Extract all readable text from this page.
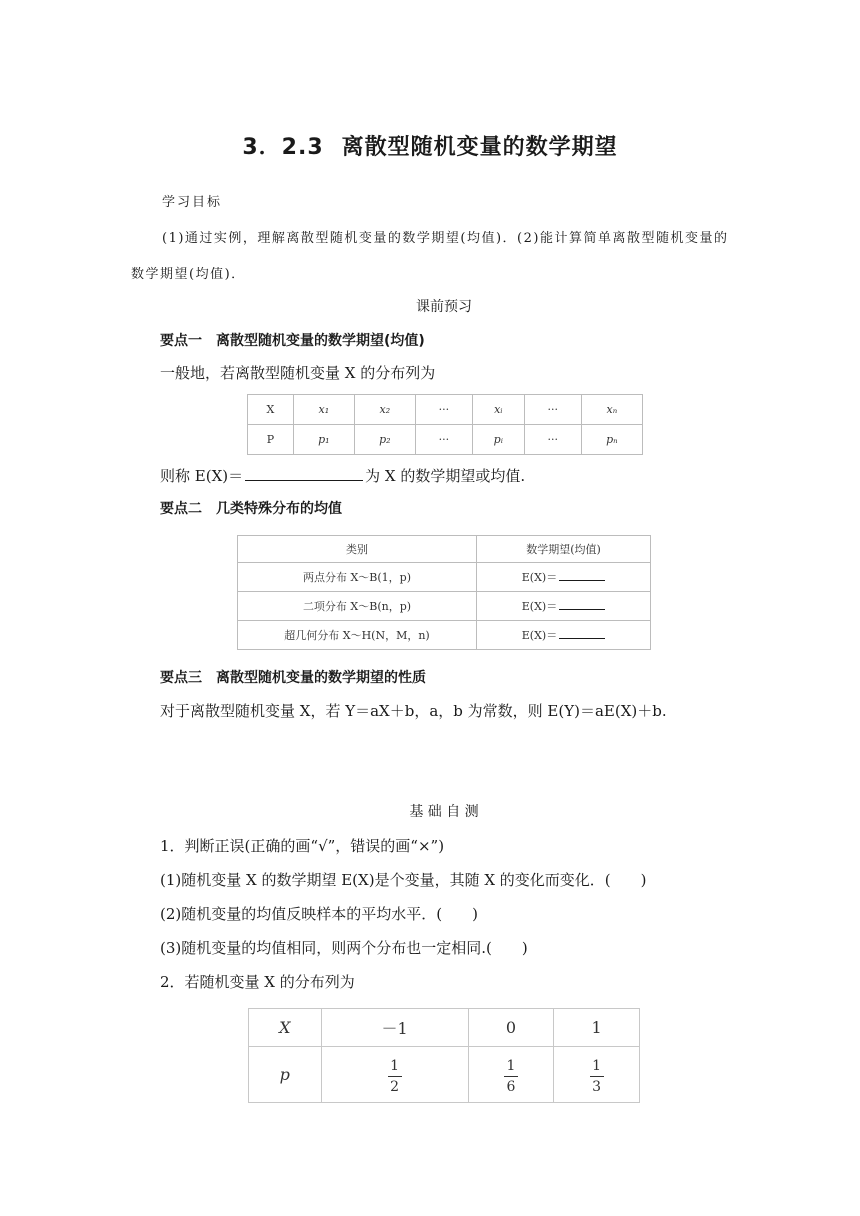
3．2.3 离散型随机变量的数学期望
学习目标
(1)通过实例，理解离散型随机变量的数学期望(均值)．(2)能计算简单离散型随机变量的
数学期望(均值)．
课前预习
要点一　离散型随机变量的数学期望(均值)
一般地，若离散型随机变量 X 的分布列为
X	x₁	x₂	···	xᵢ	···	xₙ
P	p₁	p₂	···	pᵢ	···	pₙ
则称 E(X)＝	为 X 的数学期望或均值.
要点二　几类特殊分布的均值
类别	数学期望(均值)
两点分布 X～B(1，p)	E(X)＝
二项分布 X～B(n，p)	E(X)＝
超几何分布 X～H(N，M，n)	E(X)＝
要点三　离散型随机变量的数学期望的性质
对于离散型随机变量 X，若 Y＝aX＋b，a，b 为常数，则 E(Y)＝aE(X)＋b.
基 础 自 测
1．判断正误(正确的画“√”，错误的画“×”)
(1)随机变量 X 的数学期望 E(X)是个变量，其随 X 的变化而变化．(　　)
(2)随机变量的均值反映样本的平均水平．(　　)
(3)随机变量的均值相同，则两个分布也一定相同.(　　)
2．若随机变量 X 的分布列为
X	－1	0	1
p	$\frac{1}{2}$	$\frac{1}{6}$	$\frac{1}{3}$
